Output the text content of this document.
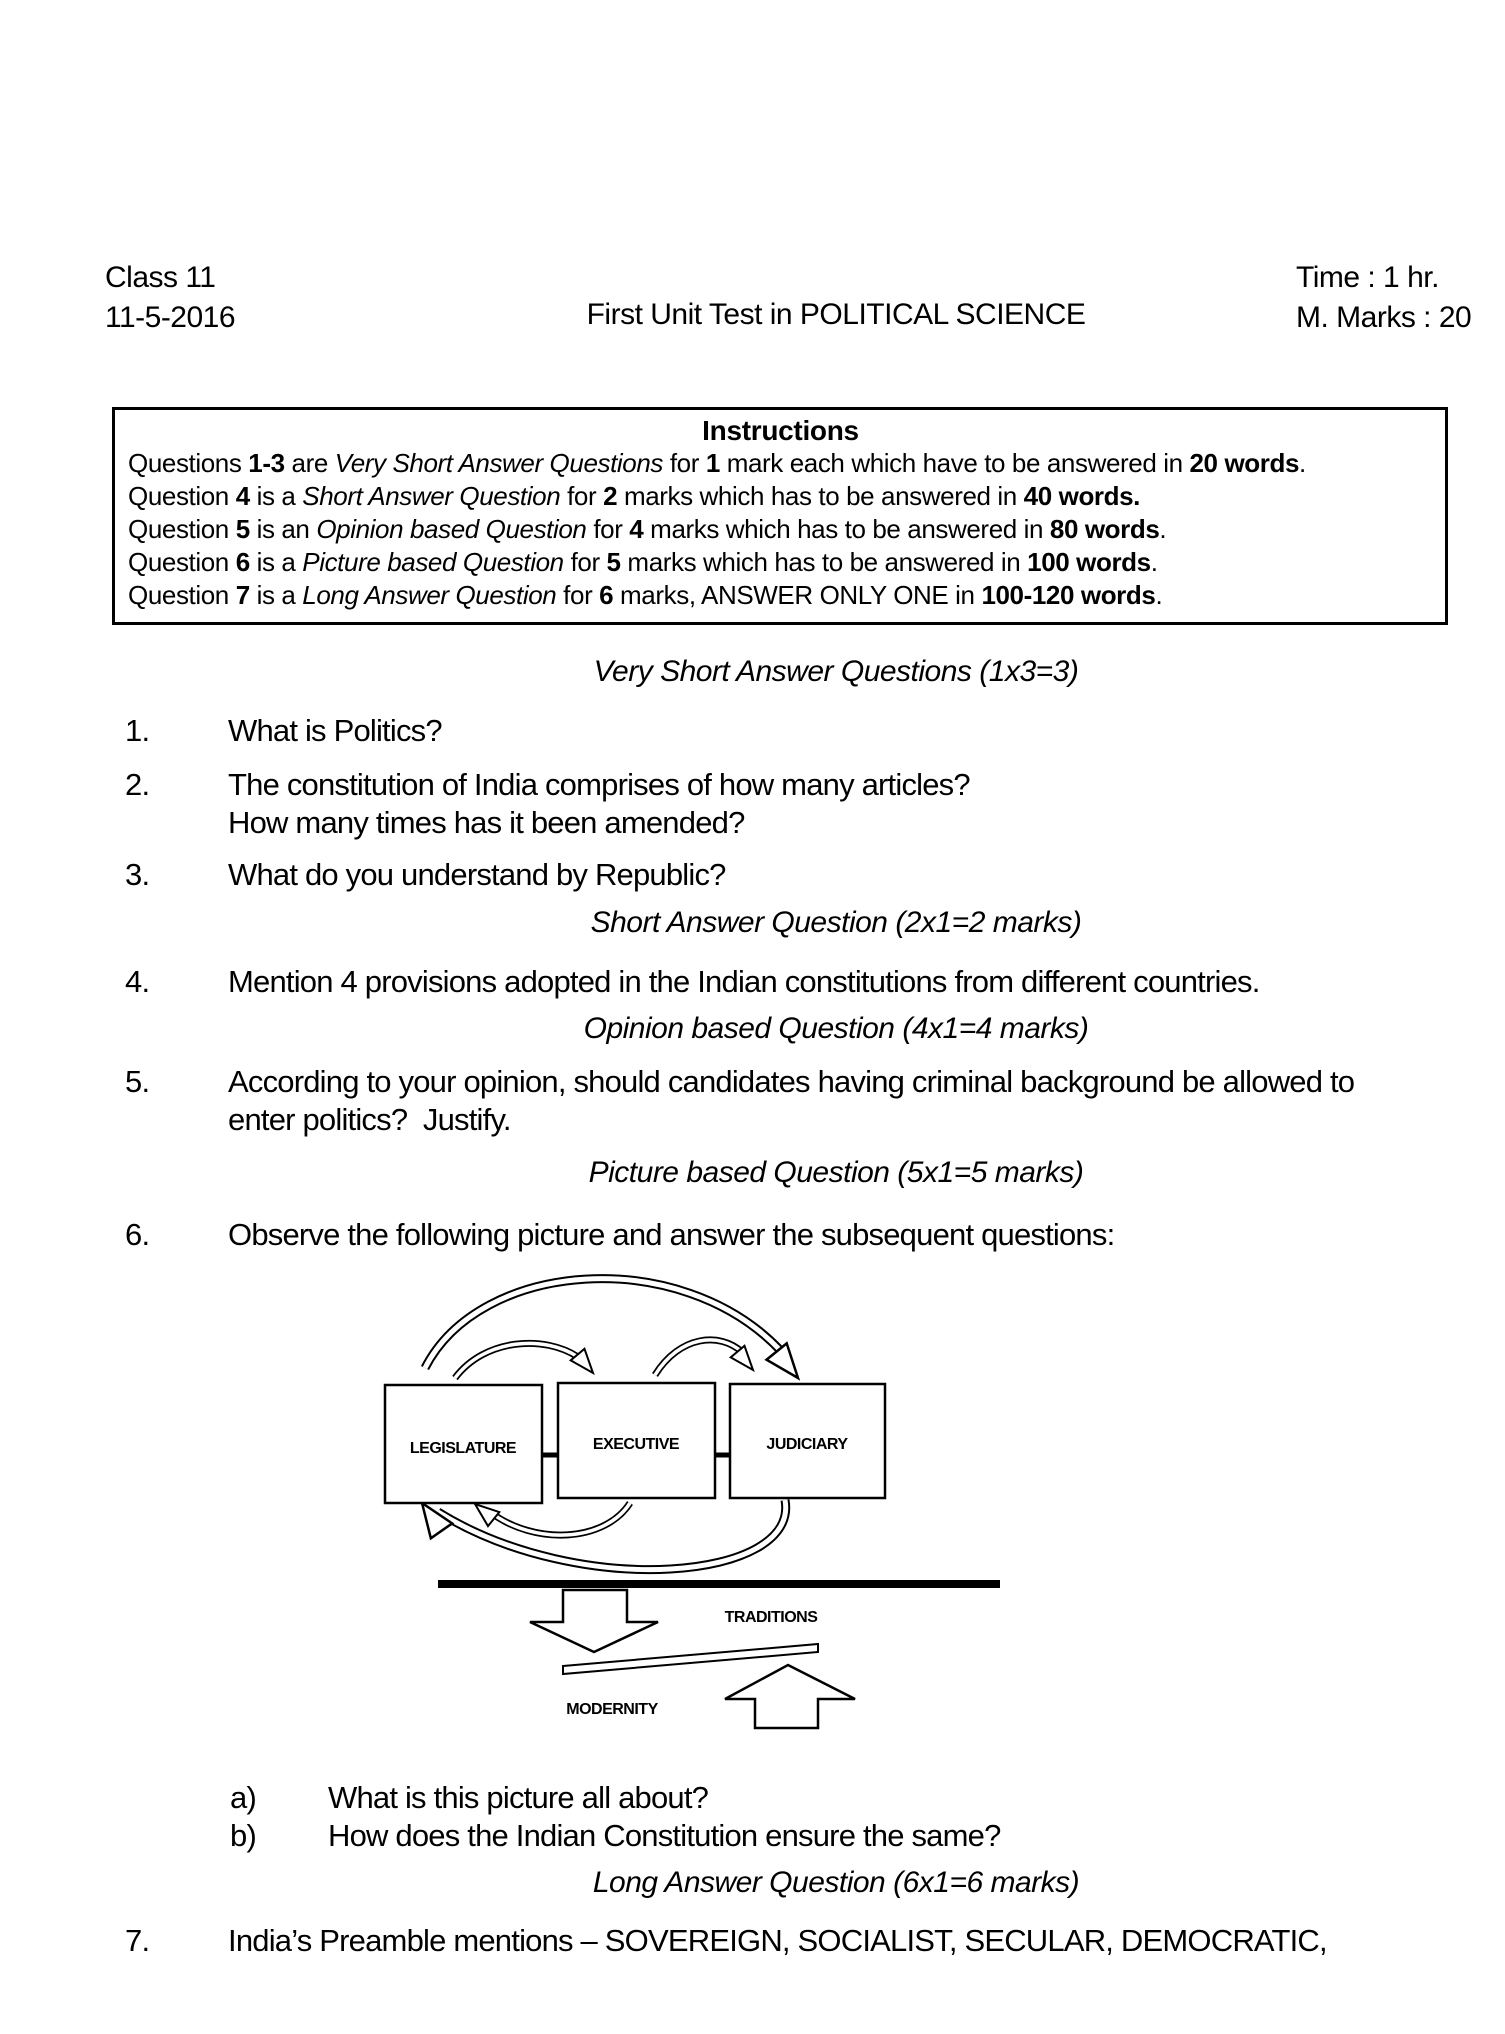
Class 11
11-5-2016	First Unit Test in POLITICAL SCIENCE
Time : 1 hr.
M. Marks : 20
Instructions
Questions 1-3 are Very Short Answer Questions for 1 mark each which have to be answered in 20 words.
Question 4 is a Short Answer Question for 2 marks which has to be answered in 40 words.
Question 5 is an Opinion based Question for 4 marks which has to be answered in 80 words.
Question 6 is a Picture based Question for 5 marks which has to be answered in 100 words.
Question 7 is a Long Answer Question for 6 marks, ANSWER ONLY ONE in 100-120 words.
Very Short Answer Questions (1x3=3)
1.	What is Politics?
2.	The constitution of India comprises of how many articles?
How many times has it been amended?
3.	What do you understand by Republic?
Short Answer Question (2x1=2 marks)
4.	Mention 4 provisions adopted in the Indian constitutions from different countries.
Opinion based Question (4x1=4 marks)
5.	According to your opinion, should candidates having criminal background be allowed to
enter politics?  Justify.
Picture based Question (5x1=5 marks)
6.	Observe the following picture and answer the subsequent questions:
LEGISLATURE	EXECUTIVE	JUDICIARY
TRADITIONS
MODERNITY
a)	What is this picture all about?
b)	How does the Indian Constitution ensure the same?
Long Answer Question (6x1=6 marks)
7.	India’s Preamble mentions – SOVEREIGN, SOCIALIST, SECULAR, DEMOCRATIC,
